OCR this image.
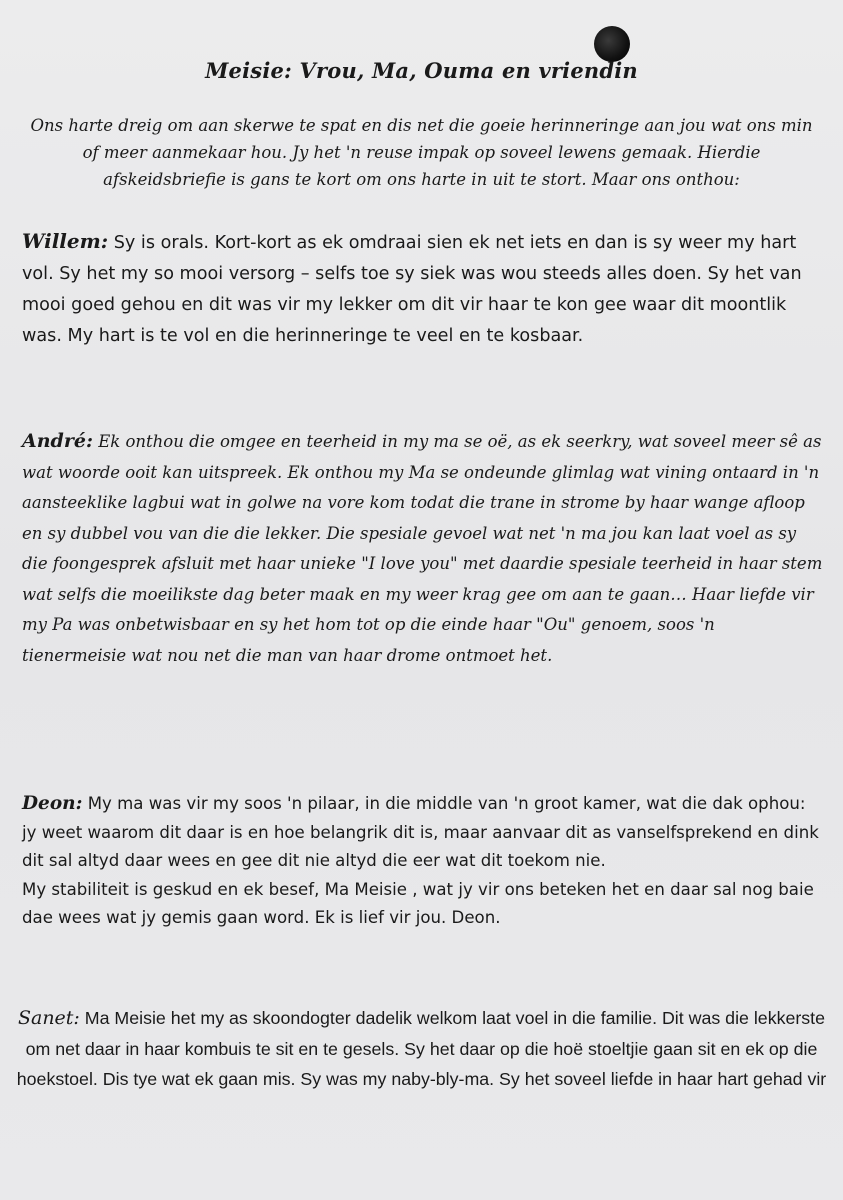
Meisie: Vrou, Ma, Ouma en vriendin

Ons harte dreig om aan skerwe te spat en dis net die goeie herinneringe aan jou wat ons min of meer aanmekaar hou. Jy het 'n reuse impak op soveel lewens gemaak. Hierdie afskeidsbriefie is gans te kort om ons harte in uit te stort. Maar ons onthou:

Willem: Sy is orals. Kort-kort as ek omdraai sien ek net iets en dan is sy weer my hart vol. Sy het my so mooi versorg – selfs toe sy siek was wou steeds alles doen. Sy het van mooi goed gehou en dit was vir my lekker om dit vir haar te kon gee waar dit moontlik was. My hart is te vol en die herinneringe te veel en te kosbaar.

André: Ek onthou die omgee en teerheid in my ma se oë, as ek seerkry, wat soveel meer sê as wat woorde ooit kan uitspreek. Ek onthou my Ma se ondeunde glimlag wat vining ontaard in 'n aansteeklike lagbui wat in golwe na vore kom todat die trane in strome by haar wange afloop en sy dubbel vou van die die lekker. Die spesiale gevoel wat net 'n ma jou kan laat voel as sy die foongesprek afsluit met haar unieke "I love you" met daardie spesiale teerheid in haar stem wat selfs die moeilikste dag beter maak en my weer krag gee om aan te gaan… Haar liefde vir my Pa was onbetwisbaar en sy het hom tot op die einde haar "Ou" genoem, soos 'n tienermeisie wat nou net die man van haar drome ontmoet het.

Deon: My ma was vir my soos 'n pilaar, in die middle van 'n groot kamer, wat die dak ophou: jy weet waarom dit daar is en hoe belangrik dit is, maar aanvaar dit as vanselfsprekend en dink dit sal altyd daar wees en gee dit nie altyd die eer wat dit toekom nie.

My stabiliteit is geskud en ek besef, Ma Meisie , wat jy vir ons beteken het en daar sal nog baie dae wees wat jy gemis gaan word. Ek is lief vir jou. Deon.

Sanet: Ma Meisie het my as skoondogter dadelik welkom laat voel in die familie. Dit was die lekkerste om net daar in haar kombuis te sit en te gesels. Sy het daar op die hoë stoeltjie gaan sit en ek op die hoekstoel. Dis tye wat ek gaan mis. Sy was my naby-bly-ma. Sy het soveel liefde in haar hart gehad vir
